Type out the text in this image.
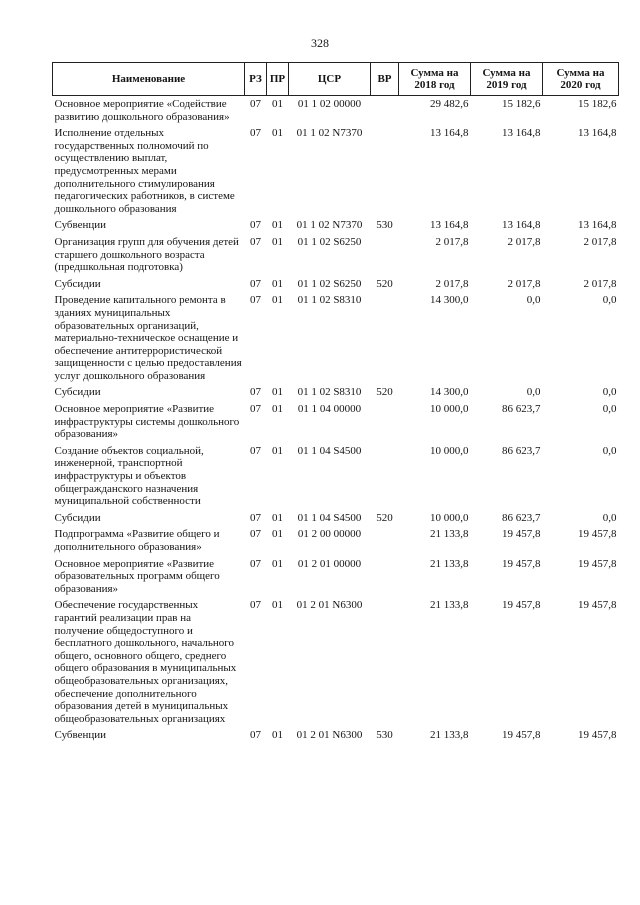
328
Наименование	РЗ	ПР	ЦСР	ВР	Сумма на 2018 год	Сумма на 2019 год	Сумма на 2020 год
Основное мероприятие «Содействие развитию дошкольного образования»	07	01	01 1 02 00000		29 482,6	15 182,6	15 182,6
Исполнение отдельных государственных полномочий по осуществлению выплат, предусмотренных мерами дополнительного стимулирования педагогических работников, в системе дошкольного образования	07	01	01 1 02 N7370		13 164,8	13 164,8	13 164,8
Субвенции	07	01	01 1 02 N7370	530	13 164,8	13 164,8	13 164,8
Организация групп для обучения детей старшего дошкольного возраста (предшкольная подготовка)	07	01	01 1 02 S6250		2 017,8	2 017,8	2 017,8
Субсидии	07	01	01 1 02 S6250	520	2 017,8	2 017,8	2 017,8
Проведение капитального ремонта в зданиях муниципальных образовательных организаций, материально-техническое оснащение и обеспечение антитеррористической защищенности с целью предоставления услуг дошкольного образования	07	01	01 1 02 S8310		14 300,0	0,0	0,0
Субсидии	07	01	01 1 02 S8310	520	14 300,0	0,0	0,0
Основное мероприятие «Развитие инфраструктуры системы дошкольного образования»	07	01	01 1 04 00000		10 000,0	86 623,7	0,0
Создание объектов социальной, инженерной, транспортной инфраструктуры и объектов общегражданского назначения муниципальной собственности	07	01	01 1 04 S4500		10 000,0	86 623,7	0,0
Субсидии	07	01	01 1 04 S4500	520	10 000,0	86 623,7	0,0
Подпрограмма «Развитие общего и дополнительного образования»	07	01	01 2 00 00000		21 133,8	19 457,8	19 457,8
Основное мероприятие «Развитие образовательных программ общего образования»	07	01	01 2 01 00000		21 133,8	19 457,8	19 457,8
Обеспечение государственных гарантий реализации прав на получение общедоступного и бесплатного дошкольного, начального общего, основного общего, среднего общего образования в муниципальных общеобразовательных организациях, обеспечение дополнительного образования детей в муниципальных общеобразовательных организациях	07	01	01 2 01 N6300		21 133,8	19 457,8	19 457,8
Субвенции	07	01	01 2 01 N6300	530	21 133,8	19 457,8	19 457,8
